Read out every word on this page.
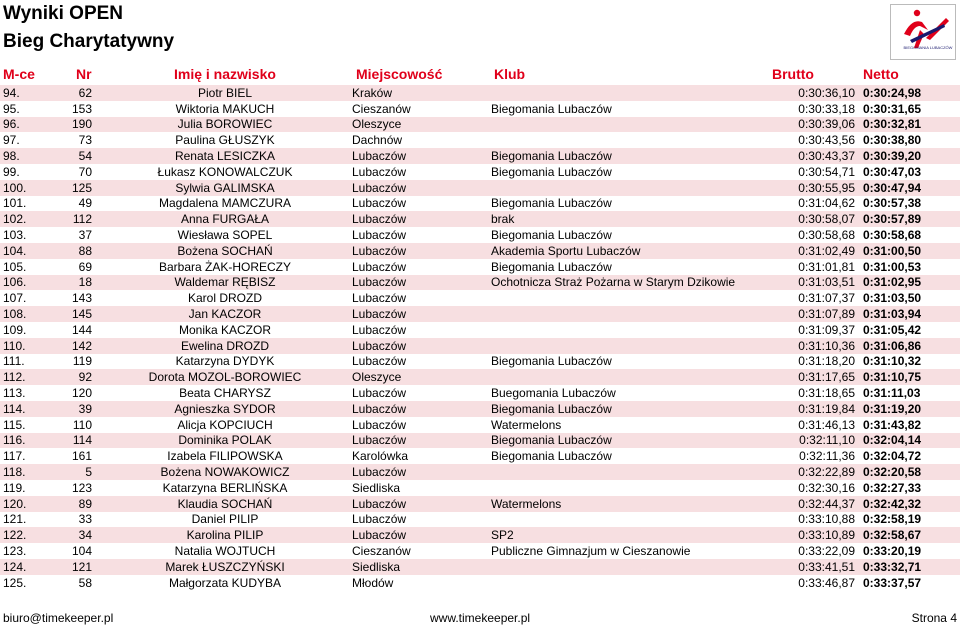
Wyniki OPEN
Bieg Charytatywny	BIEGOMANIA LUBACZÓW
M-ce	Nr	Imię i nazwisko	Miejscowość	Klub	Brutto	Netto
94.	62	Piotr BIEL	Kraków		0:30:36,10	0:30:24,98
95.	153	Wiktoria MAKUCH	Cieszanów	Biegomania Lubaczów	0:30:33,18	0:30:31,65
96.	190	Julia BOROWIEC	Oleszyce		0:30:39,06	0:30:32,81
97.	73	Paulina GŁUSZYK	Dachnów		0:30:43,56	0:30:38,80
98.	54	Renata LESICZKA	Lubaczów	Biegomania Lubaczów	0:30:43,37	0:30:39,20
99.	70	Łukasz KONOWALCZUK	Lubaczów	Biegomania Lubaczów	0:30:54,71	0:30:47,03
100.	125	Sylwia GALIMSKA	Lubaczów		0:30:55,95	0:30:47,94
101.	49	Magdalena MAMCZURA	Lubaczów	Biegomania Lubaczów	0:31:04,62	0:30:57,38
102.	112	Anna FURGAŁA	Lubaczów	brak	0:30:58,07	0:30:57,89
103.	37	Wiesława SOPEL	Lubaczów	Biegomania Lubaczów	0:30:58,68	0:30:58,68
104.	88	Bożena SOCHAŃ	Lubaczów	Akademia Sportu Lubaczów	0:31:02,49	0:31:00,50
105.	69	Barbara ŻAK-HORECZY	Lubaczów	Biegomania Lubaczów	0:31:01,81	0:31:00,53
106.	18	Waldemar RĘBISZ	Lubaczów	Ochotnicza Straż Pożarna w Starym Dzikowie	0:31:03,51	0:31:02,95
107.	143	Karol DROZD	Lubaczów		0:31:07,37	0:31:03,50
108.	145	Jan KACZOR	Lubaczów		0:31:07,89	0:31:03,94
109.	144	Monika KACZOR	Lubaczów		0:31:09,37	0:31:05,42
110.	142	Ewelina DROZD	Lubaczów		0:31:10,36	0:31:06,86
111.	119	Katarzyna DYDYK	Lubaczów	Biegomania Lubaczów	0:31:18,20	0:31:10,32
112.	92	Dorota MOZOL-BOROWIEC	Oleszyce		0:31:17,65	0:31:10,75
113.	120	Beata CHARYSZ	Lubaczów	Buegomania Lubaczów	0:31:18,65	0:31:11,03
114.	39	Agnieszka SYDOR	Lubaczów	Biegomania Lubaczów	0:31:19,84	0:31:19,20
115.	110	Alicja KOPCIUCH	Lubaczów	Watermelons	0:31:46,13	0:31:43,82
116.	114	Dominika POLAK	Lubaczów	Biegomania Lubaczów	0:32:11,10	0:32:04,14
117.	161	Izabela FILIPOWSKA	Karolówka	Biegomania Lubaczów	0:32:11,36	0:32:04,72
118.	5	Bożena NOWAKOWICZ	Lubaczów		0:32:22,89	0:32:20,58
119.	123	Katarzyna BERLIŃSKA	Siedliska		0:32:30,16	0:32:27,33
120.	89	Klaudia SOCHAŃ	Lubaczów	Watermelons	0:32:44,37	0:32:42,32
121.	33	Daniel PILIP	Lubaczów		0:33:10,88	0:32:58,19
122.	34	Karolina PILIP	Lubaczów	SP2	0:33:10,89	0:32:58,67
123.	104	Natalia WOJTUCH	Cieszanów	Publiczne Gimnazjum w Cieszanowie	0:33:22,09	0:33:20,19
124.	121	Marek ŁUSZCZYŃSKI	Siedliska		0:33:41,51	0:33:32,71
125.	58	Małgorzata KUDYBA	Młodów		0:33:46,87	0:33:37,57
biuro@timekeeper.pl	www.timekeeper.pl	Strona 4
